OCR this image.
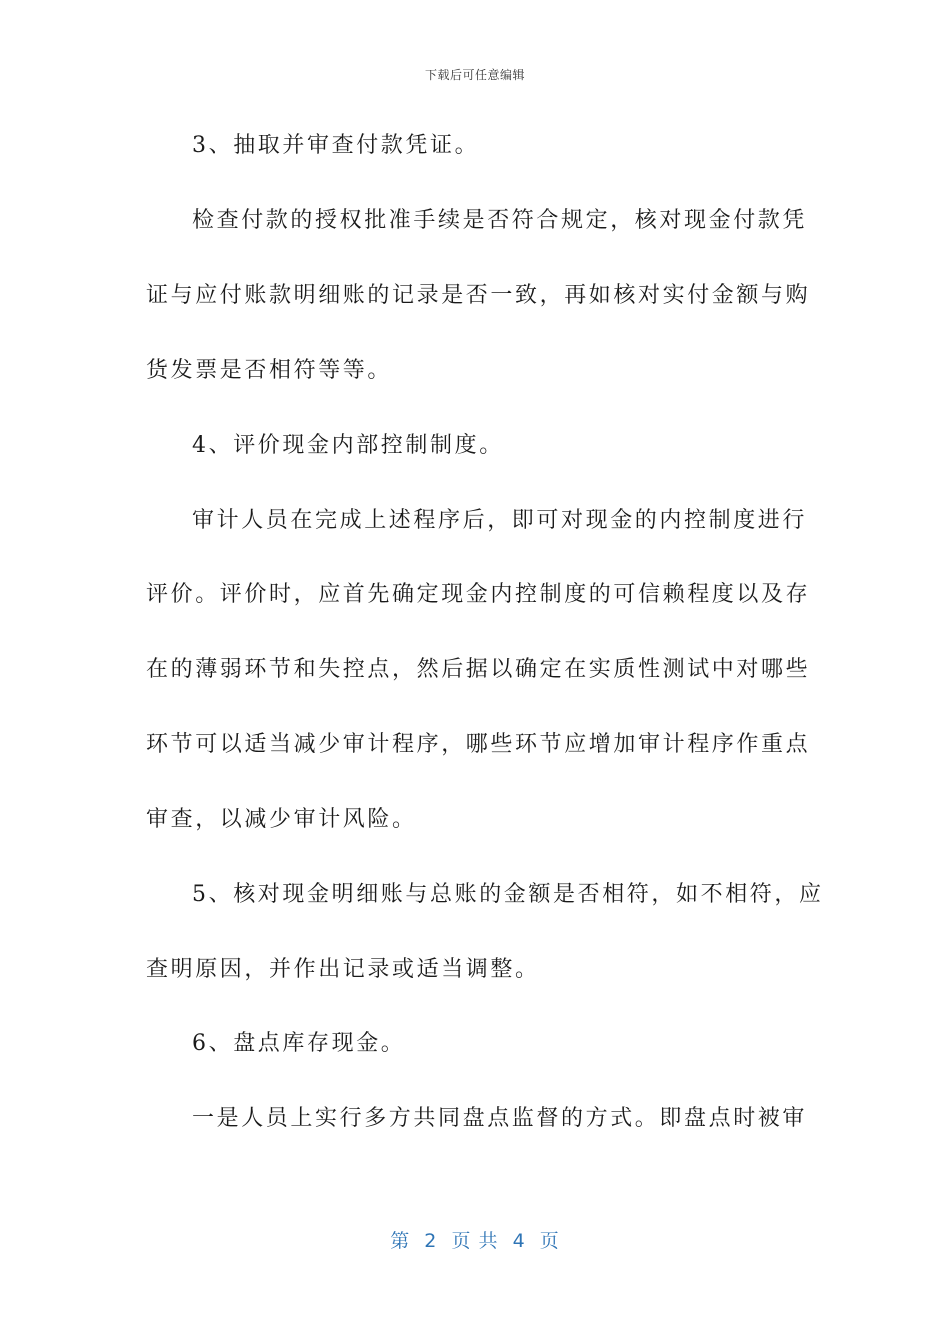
下载后可任意编辑
3、抽取并审查付款凭证。
检查付款的授权批准手续是否符合规定，核对现金付款凭
证与应付账款明细账的记录是否一致，再如核对实付金额与购
货发票是否相符等等。
4、评价现金内部控制制度。
审计人员在完成上述程序后，即可对现金的内控制度进行
评价。评价时，应首先确定现金内控制度的可信赖程度以及存
在的薄弱环节和失控点，然后据以确定在实质性测试中对哪些
环节可以适当减少审计程序，哪些环节应增加审计程序作重点
审查，以减少审计风险。
5、核对现金明细账与总账的金额是否相符，如不相符，应
查明原因，并作出记录或适当调整。
6、盘点库存现金。
一是人员上实行多方共同盘点监督的方式。即盘点时被审
第  2  页 共  4  页
